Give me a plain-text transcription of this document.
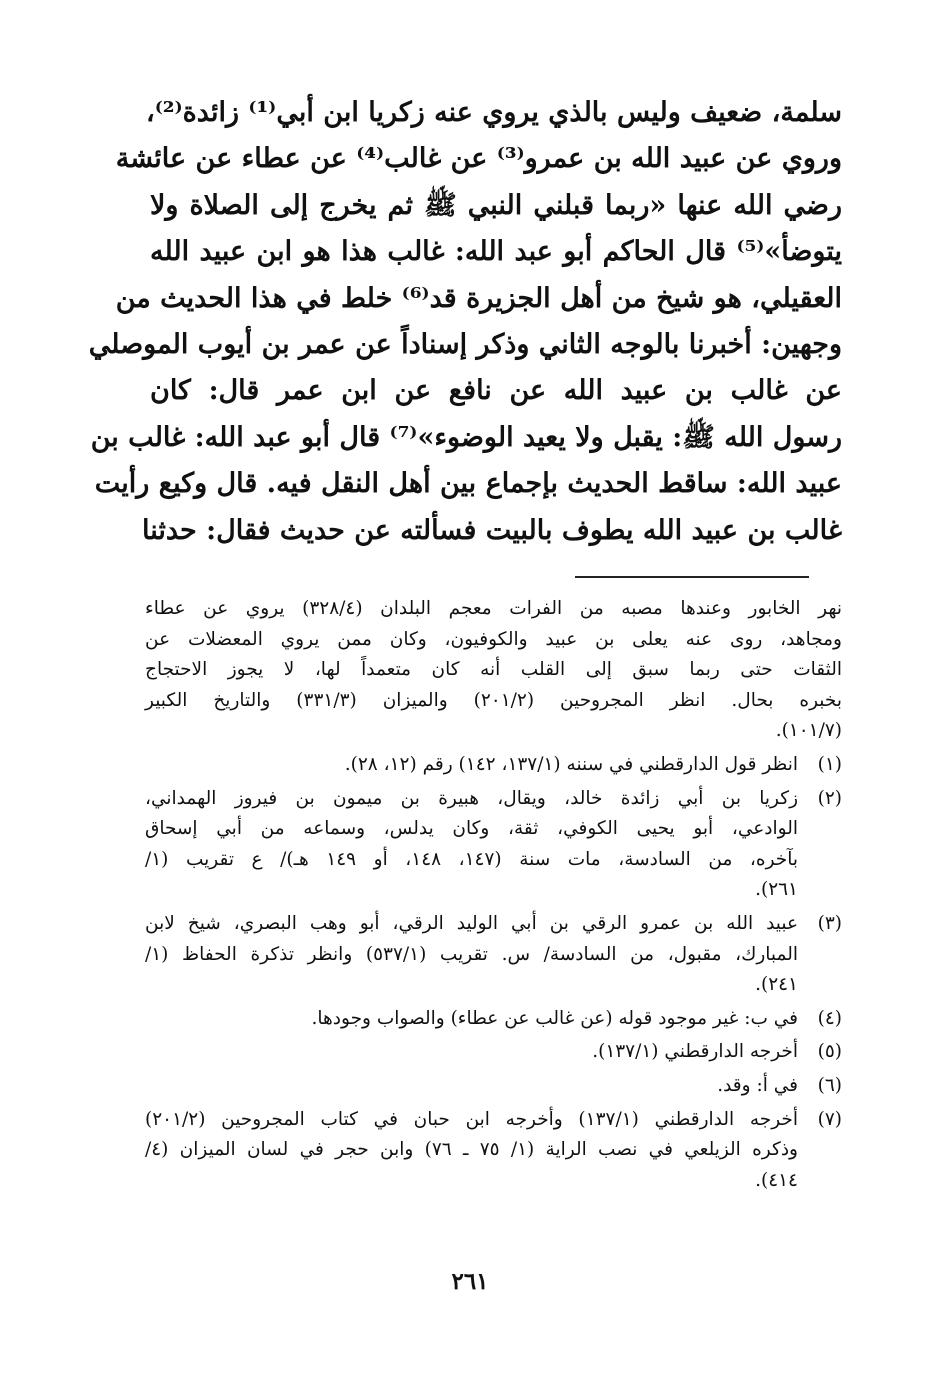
سلمة، ضعيف وليس بالذي يروي عنه زكريا ابن أبي⁽¹⁾ زائدة⁽²⁾،
وروي عن عبيد الله بن عمرو⁽³⁾ عن غالب⁽⁴⁾ عن عطاء عن عائشة
رضي الله عنها «ربما قبلني النبي ﷺ ثم يخرج إلى الصلاة ولا
يتوضأ»⁽⁵⁾ قال الحاكم أبو عبد الله: غالب هذا هو ابن عبيد الله
العقيلي، هو شيخ من أهل الجزيرة قد⁽⁶⁾ خلط في هذا الحديث من
وجهين: أخبرنا بالوجه الثاني وذكر إسناداً عن عمر بن أيوب الموصلي
عن غالب بن عبيد الله عن نافع عن ابن عمر قال: كان
رسول الله ﷺ: يقبل ولا يعيد الوضوء»⁽⁷⁾ قال أبو عبد الله: غالب بن
عبيد الله: ساقط الحديث بإجماع بين أهل النقل فيه. قال وكيع رأيت
غالب بن عبيد الله يطوف بالبيت فسألته عن حديث فقال: حدثنا
نهر الخابور وعندها مصبه من الفرات معجم البلدان (٣٢٨/٤) يروي عن عطاء
ومجاهد، روى عنه يعلى بن عبيد والكوفيون، وكان ممن يروي المعضلات عن
الثقات حتى ربما سبق إلى القلب أنه كان متعمداً لها، لا يجوز الاحتجاج
بخبره بحال. انظر المجروحين (٢٠١/٢) والميزان (٣٣١/٣) والتاريخ الكبير
(١٠١/٧).
(١)
انظر قول الدارقطني في سننه (١٣٧/١، ١٤٢) رقم (١٢، ٢٨).
(٢)
زكريا بن أبي زائدة خالد، ويقال، هبيرة بن ميمون بن فيروز الهمداني،
الوادعي، أبو يحيى الكوفي، ثقة، وكان يدلس، وسماعه من أبي إسحاق
بآخره، من السادسة، مات سنة (١٤٧، ١٤٨، أو ١٤٩ هـ)/ ع تقريب (١/
٢٦١).
(٣)
عبيد الله بن عمرو الرقي بن أبي الوليد الرقي، أبو وهب البصري، شيخ لابن
المبارك، مقبول، من السادسة/ س. تقريب (٥٣٧/١) وانظر تذكرة الحفاظ (١/
٢٤١).
(٤)
في ب: غير موجود قوله (عن غالب عن عطاء) والصواب وجودها.
(٥)
أخرجه الدارقطني (١٣٧/١).
(٦)
في أ: وقد.
(٧)
أخرجه الدارقطني (١٣٧/١) وأخرجه ابن حبان في كتاب المجروحين (٢٠١/٢)
وذكره الزيلعي في نصب الراية (١/ ٧٥ ـ ٧٦) وابن حجر في لسان الميزان (٤/
٤١٤).
٢٦١
